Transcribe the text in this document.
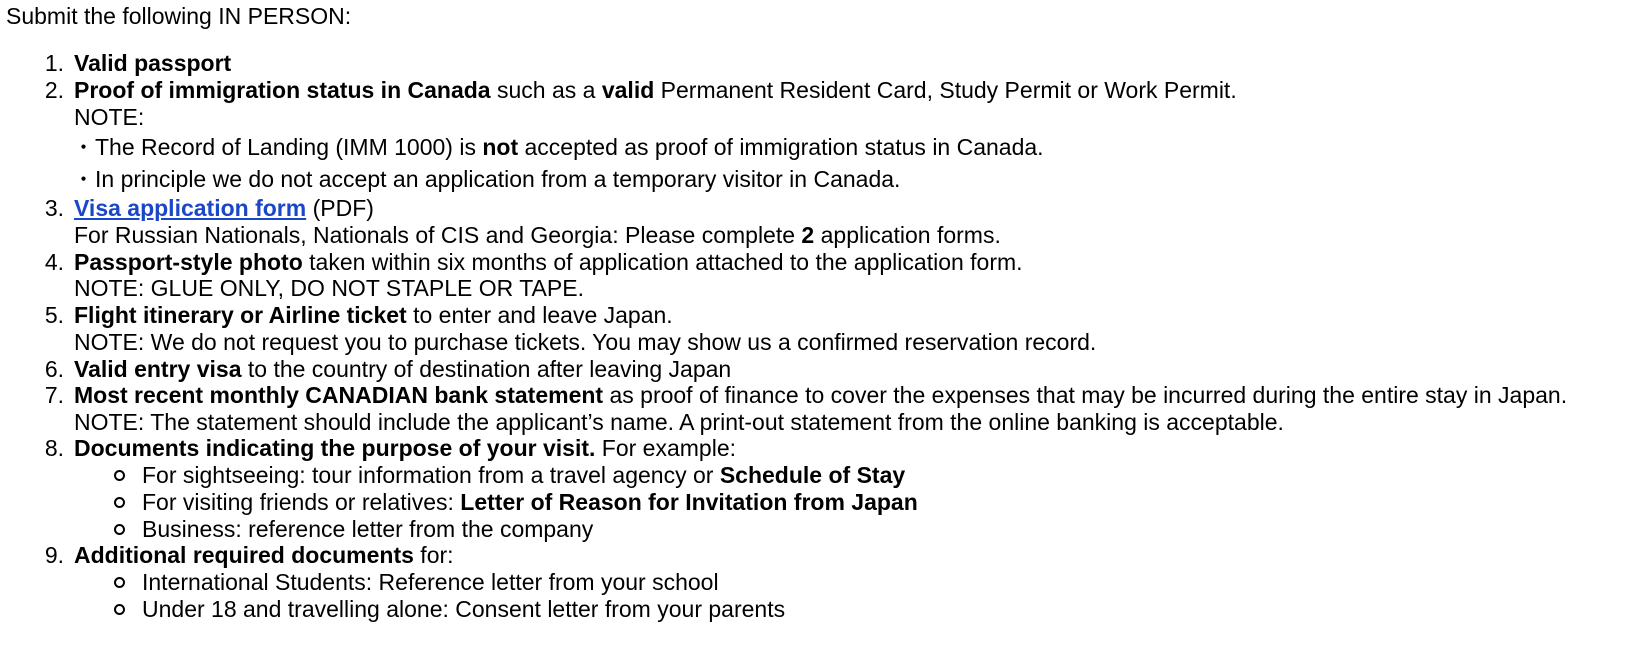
Submit the following IN PERSON:
1. Valid passport
2. Proof of immigration status in Canada such as a valid Permanent Resident Card, Study Permit or Work Permit.
NOTE:
・The Record of Landing (IMM 1000) is not accepted as proof of immigration status in Canada.
・In principle we do not accept an application from a temporary visitor in Canada.
3. Visa application form (PDF)
For Russian Nationals, Nationals of CIS and Georgia: Please complete 2 application forms.
4. Passport-style photo taken within six months of application attached to the application form.
NOTE: GLUE ONLY, DO NOT STAPLE OR TAPE.
5. Flight itinerary or Airline ticket to enter and leave Japan.
NOTE: We do not request you to purchase tickets. You may show us a confirmed reservation record.
6. Valid entry visa to the country of destination after leaving Japan
7. Most recent monthly CANADIAN bank statement as proof of finance to cover the expenses that may be incurred during the entire stay in Japan.
NOTE: The statement should include the applicant’s name. A print-out statement from the online banking is acceptable.
8. Documents indicating the purpose of your visit. For example:
For sightseeing: tour information from a travel agency or Schedule of Stay
For visiting friends or relatives: Letter of Reason for Invitation from Japan
Business: reference letter from the company
9. Additional required documents for:
International Students: Reference letter from your school
Under 18 and travelling alone: Consent letter from your parents
